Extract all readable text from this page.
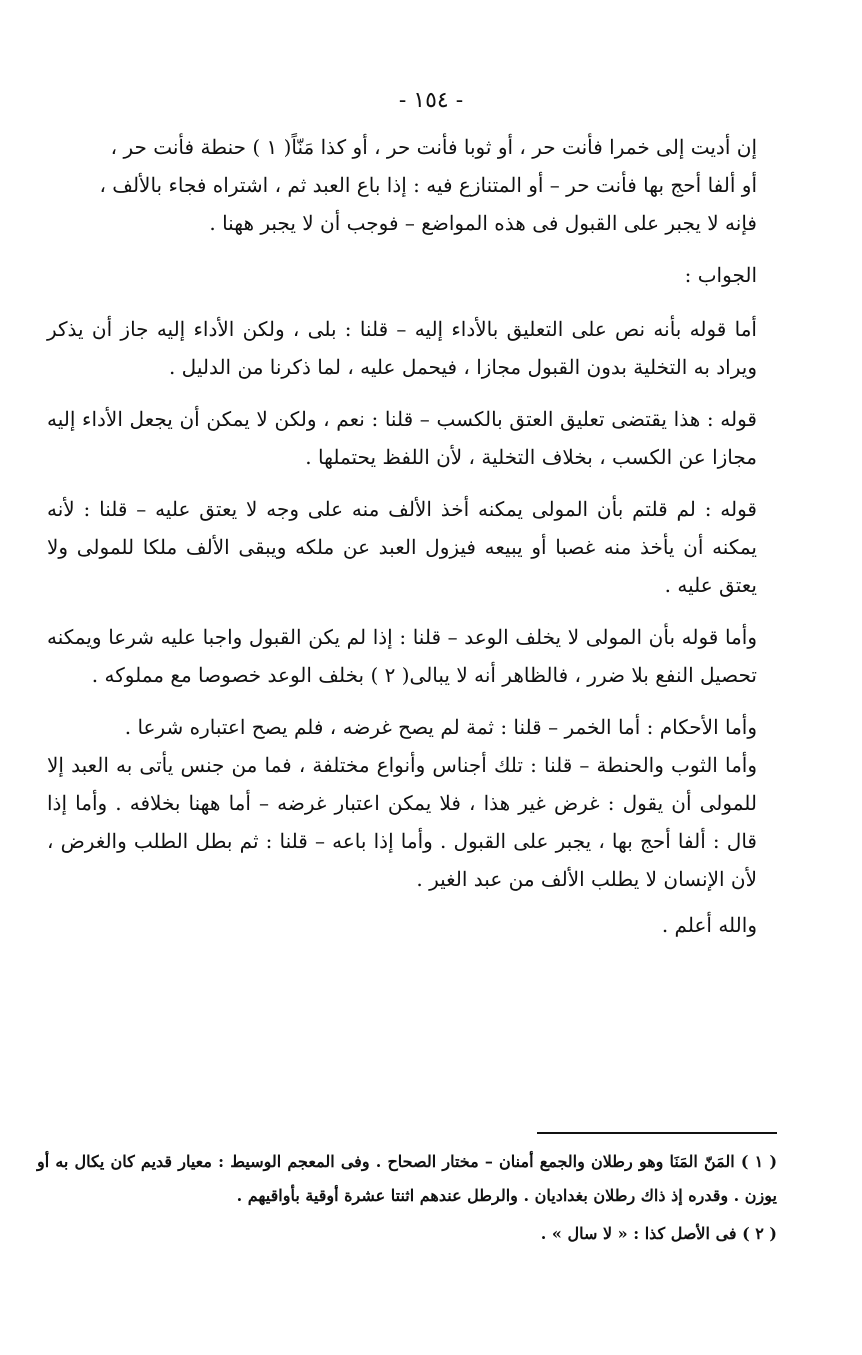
- ١٥٤ -
إن أديت إلى خمرا فأنت حر ، أو ثوبا فأنت حر ، أو كذا مَنّاً( ١ ) حنطة فأنت حر ،
أو ألفا أحج بها فأنت حر – أو المتنازع فيه : إذا باع العبد ثم ، اشتراه فجاء بالألف ،
فإنه لا يجبر على القبول فى هذه المواضع – فوجب أن لا يجبر ههنا .
الجواب :

أما قوله بأنه نص على التعليق بالأداء إليه – قلنا : بلى ، ولكن الأداء إليه جاز أن يذكر ويراد به التخلية بدون القبول مجازا ، فيحمل عليه ، لما ذكرنا من الدليل .

قوله : هذا يقتضى تعليق العتق بالكسب – قلنا : نعم ، ولكن لا يمكن أن يجعل الأداء إليه مجازا عن الكسب ، بخلاف التخلية ، لأن اللفظ يحتملها .

قوله : لم قلتم بأن المولى يمكنه أخذ الألف منه على وجه لا يعتق عليه – قلنا : لأنه يمكنه أن يأخذ منه غصبا أو يبيعه فيزول العبد عن ملكه ويبقى الألف ملكا للمولى ولا يعتق عليه .

وأما قوله بأن المولى لا يخلف الوعد – قلنا : إذا لم يكن القبول واجبا عليه شرعا ويمكنه تحصيل النفع بلا ضرر ، فالظاهر أنه لا يبالى( ٢ ) بخلف الوعد خصوصا مع مملوكه .

وأما الأحكام : أما الخمر – قلنا : ثمة لم يصح غرضه ، فلم يصح اعتباره شرعا .
وأما الثوب والحنطة – قلنا : تلك أجناس وأنواع مختلفة ، فما من جنس يأتى به العبد إلا للمولى أن يقول : غرض غير هذا ، فلا يمكن اعتبار غرضه – أما ههنا بخلافه . وأما إذا قال : ألفا أحج بها ، يجبر على القبول . وأما إذا باعه – قلنا : ثم بطل الطلب والغرض ، لأن الإنسان لا يطلب الألف من عبد الغير .
والله أعلم .

( ١ ) المَنّ المَنَا وهو رطلان والجمع أمنان – مختار الصحاح . وفى المعجم الوسيط : معيار قديم كان يكال به أو يوزن . وقدره إذ ذاك رطلان بغداديان . والرطل عندهم اثنتا عشرة أوقية بأواقيهم .

( ٢ ) فى الأصل كذا : « لا سال » .
